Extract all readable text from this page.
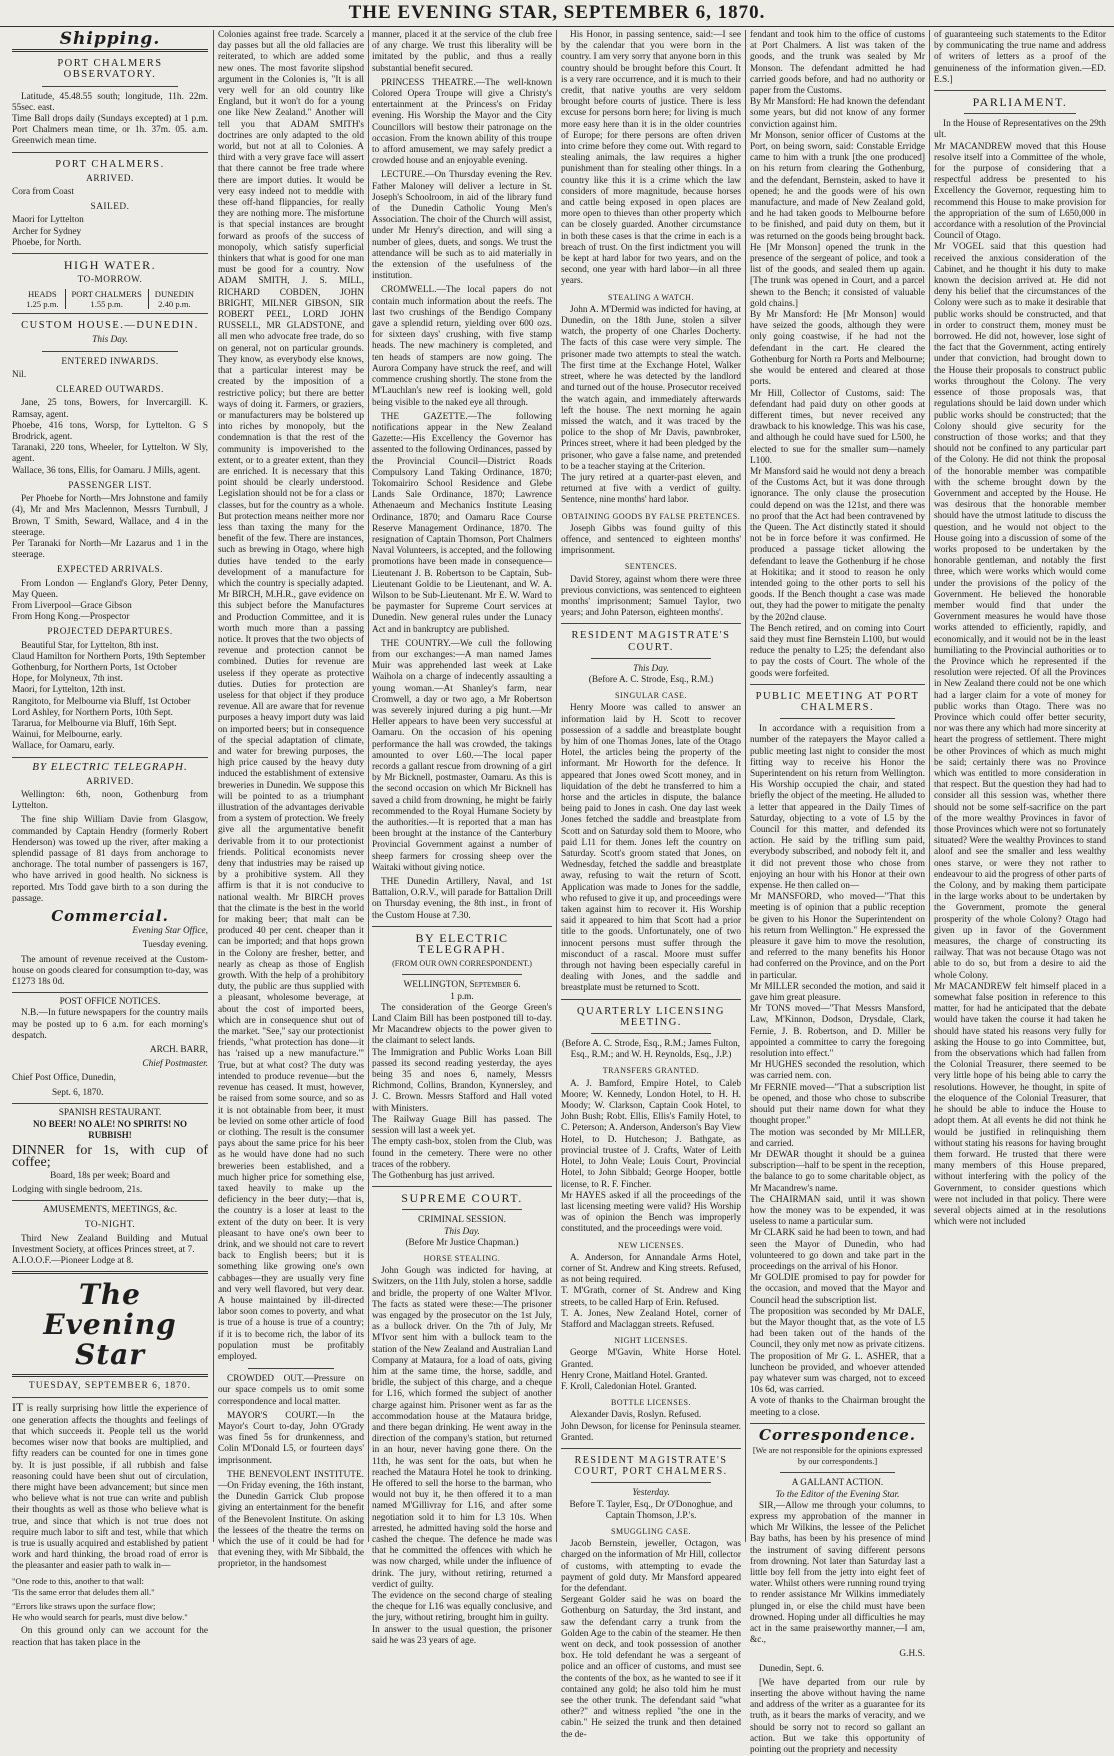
THE EVENING STAR, SEPTEMBER 6, 1870.
Shipping.
PORT CHALMERS OBSERVATORY.

Latitude, 45.48.55 south; longitude, 11h. 22m. 55sec. east.
Time Ball drops daily (Sundays excepted) at 1 p.m. Port Chalmers mean time, or 1h. 37m. 05. a.m. Greenwich mean time.

PORT CHALMERS.
ARRIVED.

Cora from Coast

SAILED.

Maori for Lyttelton
Archer for Sydney
Phoebe, for North.

HIGH WATER.
TO-MORROW.
HEADS
1.25 p.m.
PORT CHALMERS
1.55 p.m.
DUNEDIN
2.40 p.m.
CUSTOM HOUSE.—DUNEDIN.
This Day.
ENTERED INWARDS.

Nil.

CLEARED OUTWARDS.

Jane, 25 tons, Bowers, for Invercargill. K. Ramsay, agent.
Phoebe, 416 tons, Worsp, for Lyttelton. G S Brodrick, agent.
Taranaki, 220 tons, Wheeler, for Lyttelton. W Sly, agent.
Wallace, 36 tons, Ellis, for Oamaru. J Mills, agent.

PASSENGER LIST.

Per Phoebe for North—Mrs Johnstone and family (4), Mr and Mrs Maclennon, Messrs Turnbull, J Brown, T Smith, Seward, Wallace, and 4 in the steerage.
Per Taranaki for North—Mr Lazarus and 1 in the steerage.

EXPECTED ARRIVALS.

From London — England's Glory, Peter Denny, May Queen.
From Liverpool—Grace Gibson
From Hong Kong.—Prospector

PROJECTED DEPARTURES.

Beautiful Star, for Lyttelton, 8th inst.
Claud Hamilton for Northern Ports, 19th September
Gothenburg, for Northern Ports, 1st October
Hope, for Molyneux, 7th inst.
Maori, for Lyttelton, 12th inst.
Rangitoto, for Melbourne via Bluff, 1st October
Lord Ashley, for Northern Ports, 10th Sept.
Tararua, for Melbourne via Bluff, 16th Sept.
Wainui, for Melbourne, early.
Wallace, for Oamaru, early.

BY ELECTRIC TELEGRAPH.
ARRIVED.

Wellington: 6th, noon, Gothenburg from Lyttelton.

The fine ship William Davie from Glasgow, commanded by Captain Hendry (formerly Robert Henderson) was towed up the river, after making a splendid passage of 81 days from anchorage to anchorage. The total number of passengers is 167, who have arrived in good health. No sickness is reported. Mrs Todd gave birth to a son during the passage.

Commercial.

Evening Star Office,

Tuesday evening.

The amount of revenue received at the Custom-house on goods cleared for consumption to-day, was £1273 18s 0d.

POST OFFICE NOTICES.

N.B.—In future newspapers for the country mails may be posted up to 6 a.m. for each morning's despatch.

ARCH. BARR,

Chief Postmaster.

Chief Post Office, Dunedin,

Sept. 6, 1870.

SPANISH RESTAURANT.
NO BEER! NO ALE! NO SPIRITS! NO RUBBISH!

DINNER for 1s, with cup of coffee;

Board, 18s per week; Board and

Lodging with single bedroom, 21s.

AMUSEMENTS, MEETINGS, &c.
TO-NIGHT.

Third New Zealand Building and Mutual Investment Society, at offices Princes street, at 7.
A.I.O.O.F.—Pioneer Lodge at 8.

The Evening Star
TUESDAY, SEPTEMBER 6, 1870.

IT is really surprising how little the experience of one generation affects the thoughts and feelings of that which succeeds it. People tell us the world becomes wiser now that books are multiplied, and fifty readers can be counted for one in times gone by. It is just possible, if all rubbish and false reasoning could have been shut out of circulation, there might have been advancement; but since men who believe what is not true can write and publish their thoughts as well as those who believe what is true, and since that which is not true does not require much labor to sift and test, while that which is true is usually acquired and established by patient work and hard thinking, the broad road of error is the pleasanter and easier path to walk in—

"One rode to this, another to that wall:
'Tis the same error that deludes them all."

"Errors like straws upon the surface flow;
He who would search for pearls, must dive below."

On this ground only can we account for the reaction that has taken place in the

Colonies against free trade. Scarcely a day passes but all the old fallacies are reiterated, to which are added some new ones. The most favorite slipshod argument in the Colonies is, "It is all very well for an old country like England, but it won't do for a young one like New Zealand." Another will tell you that ADAM SMITH's doctrines are only adapted to the old world, but not at all to Colonies. A third with a very grave face will assert that there cannot be free trade where there are import duties. It would be very easy indeed not to meddle with these off-hand flippancies, for really they are nothing more. The misfortune is that special instances are brought forward as proofs of the success of monopoly, which satisfy superficial thinkers that what is good for one man must be good for a country. Now ADAM SMITH, J. S. MILL, RICHARD COBDEN, JOHN BRIGHT, MILNER GIBSON, SIR ROBERT PEEL, LORD JOHN RUSSELL, MR GLADSTONE, and all men who advocate free trade, do so on general, not on particular grounds. They know, as everybody else knows, that a particular interest may be created by the imposition of a restrictive policy; but there are better ways of doing it. Farmers, or graziers, or manufacturers may be bolstered up into riches by monopoly, but the condemnation is that the rest of the community is impoverished to the extent, or to a greater extent, than they are enriched. It is necessary that this point should be clearly understood. Legislation should not be for a class or classes, but for the country as a whole. But protection means neither more nor less than taxing the many for the benefit of the few. There are instances, such as brewing in Otago, where high duties have tended to the early development of a manufacture for which the country is specially adapted. Mr BIRCH, M.H.R., gave evidence on this subject before the Manufactures and Production Committee, and it is worth much more than a passing notice. It proves that the two objects of revenue and protection cannot be combined. Duties for revenue are useless if they operate as protective duties. Duties for protection are useless for that object if they produce revenue. All are aware that for revenue purposes a heavy import duty was laid on imported beers; but in consequence of the special adaptation of climate, and water for brewing purposes, the high price caused by the heavy duty induced the establishment of extensive breweries in Dunedin. We suppose this will be pointed to as a triumphant illustration of the advantages derivable from a system of protection. We freely give all the argumentative benefit derivable from it to our protectionist friends. Political economists never deny that industries may be raised up by a prohibitive system. All they affirm is that it is not conducive to national wealth. Mr BIRCH proves that the climate is the best in the world for making beer; that malt can be produced 40 per cent. cheaper than it can be imported; and that hops grown in the Colony are fresher, better, and nearly as cheap as those of English growth. With the help of a prohibitory duty, the public are thus supplied with a pleasant, wholesome beverage, at about the cost of imported beers, which are in consequence shut out of the market. "See," say our protectionist friends, "what protection has done—it has 'raised up a new manufacture.'" True, but at what cost? The duty was intended to produce revenue—but the revenue has ceased. It must, however, be raised from some source, and so as it is not obtainable from beer, it must be levied on some other article of food or clothing. The result is the consumer pays about the same price for his beer as he would have done had no such breweries been established, and a much higher price for something else, taxed heavily to make up the deficiency in the beer duty;—that is, the country is a loser at least to the extent of the duty on beer. It is very pleasant to have one's own beer to drink, and we should not care to revert back to English beers; but it is something like growing one's own cabbages—they are usually very fine and very well flavored, but very dear. A house maintained by ill-directed labor soon comes to poverty, and what is true of a house is true of a country; if it is to become rich, the labor of its population must be profitably employed.

CROWDED OUT.—Pressure on our space compels us to omit some correspondence and local matter.

MAYOR'S COURT.—In the Mayor's Court to-day, John O'Grady was fined 5s for drunkenness, and Colin M'Donald L5, or fourteen days' imprisonment.

THE BENEVOLENT INSTITUTE.—On Friday evening, the 16th instant, the Dunedin Garrick Club propose giving an entertainment for the benefit of the Benevolent Institute. On asking the lessees of the theatre the terms on which the use of it could be had for that evening they, with Mr Sibbald, the proprietor, in the handsomest

manner, placed it at the service of the club free of any charge. We trust this liberality will be imitated by the public, and thus a really substantial benefit secured.

PRINCESS THEATRE.—The well-known Colored Opera Troupe will give a Christy's entertainment at the Princess's on Friday evening. His Worship the Mayor and the City Councillors will bestow their patronage on the occasion. From the known ability of this troupe to afford amusement, we may safely predict a crowded house and an enjoyable evening.

LECTURE.—On Thursday evening the Rev. Father Maloney will deliver a lecture in St. Joseph's Schoolroom, in aid of the library fund of the Dunedin Catholic Young Men's Association. The choir of the Church will assist, under Mr Henry's direction, and will sing a number of glees, duets, and songs. We trust the attendance will be such as to aid materially in the extension of the usefulness of the institution.

CROMWELL.—The local papers do not contain much information about the reefs. The last two crushings of the Bendigo Company gave a splendid return, yielding over 600 ozs. for sixteen days' crushing, with five stamp heads. The new machinery is completed, and ten heads of stampers are now going. The Aurora Company have struck the reef, and will commence crushing shortly. The stone from the M'Lauchlan's new reef is looking well, gold being visible to the naked eye all through.

THE GAZETTE.—The following notifications appear in the New Zealand Gazette:—His Excellency the Governor has assented to the following Ordinances, passed by the Provincial Council—District Roads Compulsory Land Taking Ordinance, 1870; Tokomairiro School Residence and Glebe Lands Sale Ordinance, 1870; Lawrence Athenaeum and Mechanics Institute Leasing Ordinance, 1870; and Oamaru Race Course Reserve Management Ordinance, 1870. The resignation of Captain Thomson, Port Chalmers Naval Volunteers, is accepted, and the following promotions have been made in consequence—Lieutenant J. B. Robertson to be Captain, Sub-Lieutenant Goldie to be Lieutenant, and W. A. Wilson to be Sub-Lieutenant. Mr E. W. Ward to be paymaster for Supreme Court services at Dunedin. New general rules under the Lunacy Act and in bankruptcy are published.

THE COUNTRY.—We cull the following from our exchanges:—A man named James Muir was apprehended last week at Lake Waihola on a charge of indecently assaulting a young woman.—At Shanley's farm, near Cromwell, a day or two ago, a Mr Robertson was severely injured during a pig hunt.—Mr Heller appears to have been very successful at Oamaru. On the occasion of his opening performance the hall was crowded, the takings amounted to over L60.—The local paper records a gallant rescue from drowning of a girl by Mr Bicknell, postmaster, Oamaru. As this is the second occasion on which Mr Bicknell has saved a child from drowning, he might be fairly recommended to the Royal Humane Society by the authorities.—It is reported that a man has been brought at the instance of the Canterbury Provincial Government against a number of sheep farmers for crossing sheep over the Waitaki without giving notice.

THE Dunedin Artillery, Naval, and 1st Battalion, O.R.V., will parade for Battalion Drill on Thursday evening, the 8th inst., in front of the Custom House at 7.30.

BY ELECTRIC TELEGRAPH.
(FROM OUR OWN CORRESPONDENT.)
WELLINGTON, September 6.
1 p.m.

The consideration of the George Green's Land Claim Bill has been postponed till to-day. Mr Macandrew objects to the power given to the claimant to select lands.
The Immigration and Public Works Loan Bill passed its second reading yesterday, the ayes being 35 and noes 6, namely, Messrs Richmond, Collins, Brandon, Kynnersley, and J. C. Brown. Messrs Stafford and Hall voted with Ministers.
The Railway Guage Bill has passed. The session will last a week yet.
The empty cash-box, stolen from the Club, was found in the cemetery. There were no other traces of the robbery.
The Gothenburg has just arrived.

SUPREME COURT.
CRIMINAL SESSION.
This Day.
(Before Mr Justice Chapman.)
HORSE STEALING.

John Gough was indicted for having, at Switzers, on the 11th July, stolen a horse, saddle and bridle, the property of one Walter M'Ivor. The facts as stated were these:—The prisoner was engaged by the prosecutor on the 1st July, as a bullock driver. On the 7th of July, Mr M'Ivor sent him with a bullock team to the station of the New Zealand and Australian Land Company at Mataura, for a load of oats, giving him at the same time, the horse, saddle, and bridle, the subject of this charge, and a cheque for L16, which formed the subject of another charge against him. Prisoner went as far as the accommodation house at the Mataura bridge, and there began drinking. He went away in the direction of the company's station, but returned in an hour, never having gone there. On the 11th, he was sent for the oats, but when he reached the Mataura Hotel he took to drinking. He offered to sell the horse to the barman, who would not buy it, he then offered it to a man named M'Gillivray for L16, and after some negotiation sold it to him for L3 10s. When arrested, he admitted having sold the horse and cashed the cheque. The defence he made was that he committed the offences with which he was now charged, while under the influence of drink. The jury, without retiring, returned a verdict of guilty.
The evidence on the second charge of stealing the cheque for L16 was equally conclusive, and the jury, without retiring, brought him in guilty.
In answer to the usual question, the prisoner said he was 23 years of age.

His Honor, in passing sentence, said:—I see by the calendar that you were born in the country. I am very sorry that anyone born in this country should be brought before this Court. It is a very rare occurrence, and it is much to their credit, that native youths are very seldom brought before courts of justice. There is less excuse for persons born here; for living is much more easy here than it is in the older countries of Europe; for there persons are often driven into crime before they come out. With regard to stealing animals, the law requires a higher punishment than for stealing other things. In a country like this it is a crime which the law considers of more magnitude, because horses and cattle being exposed in open places are more open to thieves than other property which can be closely guarded. Another circumstance in both these cases is that the crime in each is a breach of trust. On the first indictment you will be kept at hard labor for two years, and on the second, one year with hard labor—in all three years.

STEALING A WATCH.

John A. M'Dermid was indicted for having, at Dunedin, on the 18th June, stolen a silver watch, the property of one Charles Docherty. The facts of this case were very simple. The prisoner made two attempts to steal the watch. The first time at the Exchange Hotel, Walker street, where he was detected by the landlord and turned out of the house. Prosecutor received the watch again, and immediately afterwards left the house. The next morning he again missed the watch, and it was traced by the police to the shop of Mr Davis, pawnbroker, Princes street, where it had been pledged by the prisoner, who gave a false name, and pretended to be a teacher staying at the Criterion.
The jury retired at a quarter-past eleven, and returned at five with a verdict of guilty. Sentence, nine months' hard labor.

OBTAINING GOODS BY FALSE PRETENCES.

Joseph Gibbs was found guilty of this offence, and sentenced to eighteen months' imprisonment.

SENTENCES.

David Storey, against whom there were three previous convictions, was sentenced to eighteen months' imprisonment; Samuel Taylor, two years; and John Paterson, eighteen months'.

RESIDENT MAGISTRATE'S COURT.
This Day.
(Before A. C. Strode, Esq., R.M.)
SINGULAR CASE.

Henry Moore was called to answer an information laid by H. Scott to recover possession of a saddle and breastplate bought by him of one Thomas Jones, late of the Otago Hotel, the articles being the property of the informant. Mr Howorth for the defence. It appeared that Jones owed Scott money, and in liquidation of the debt he transferred to him a horse and the articles in dispute, the balance being paid to Jones in cash. One day last week Jones fetched the saddle and breastplate from Scott and on Saturday sold them to Moore, who paid L11 for them. Jones left the country on Saturday. Scott's groom stated that Jones, on Wednesday, fetched the saddle and breastplate away, refusing to wait the return of Scott. Application was made to Jones for the saddle, who refused to give it up, and proceedings were taken against him to recover it. His Worship said it appeared to him that Scott had a prior title to the goods. Unfortunately, one of two innocent persons must suffer through the misconduct of a rascal. Moore must suffer through not having been especially careful in dealing with Jones, and the saddle and breastplate must be returned to Scott.

QUARTERLY LICENSING MEETING.

(Before A. C. Strode, Esq., R.M.; James Fulton, Esq., R.M.; and W. H. Reynolds, Esq., J.P.)

TRANSFERS GRANTED.

A. J. Bamford, Empire Hotel, to Caleb Moore; W. Kennedy, London Hotel, to H. H. Moody; W. Clarkson, Captain Cook Hotel, to John Bush; Robt. Ellis, Ellis's Family Hotel, to C. Peterson; A. Anderson, Anderson's Bay View Hotel, to D. Hutcheson; J. Bathgate, as provincial trustee of J. Crafts, Water of Leith Hotel, to John Veale; Louis Court, Provincial Hotel, to John Sibbald; George Hooper, bottle license, to R. F. Fincher.
Mr HAYES asked if all the proceedings of the last licensing meeting were valid? His Worship was of opinion the Bench was improperly constituted, and the proceedings were void.

NEW LICENSES.

A. Anderson, for Annandale Arms Hotel, corner of St. Andrew and King streets. Refused, as not being required.
T. M'Grath, corner of St. Andrew and King streets, to be called Harp of Erin. Refused.
T. A. Jones, New Zealand Hotel, corner of Stafford and Maclaggan streets. Refused.

NIGHT LICENSES.

George M'Gavin, White Horse Hotel. Granted.
Henry Crone, Maitland Hotel. Granted.
F. Kroll, Caledonian Hotel. Granted.

BOTTLE LICENSES.

Alexander Davis, Roslyn. Refused.
John Dewson, for license for Peninsula steamer. Granted.

RESIDENT MAGISTRATE'S COURT, PORT CHALMERS.
Yesterday.

Before T. Tayler, Esq., Dr O'Donoghue, and Captain Thomson, J.P.'s.

SMUGGLING CASE.

Jacob Bernstein, jeweller, Octagon, was charged on the information of Mr Hill, collector of customs, with attempting to evade the payment of gold duty. Mr Mansford appeared for the defendant.
Sergeant Golder said he was on board the Gothenburg on Saturday, the 3rd instant, and saw the defendant carry a trunk from the Golden Age to the cabin of the steamer. He then went on deck, and took possession of another box. He told defendant he was a sergeant of police and an officer of customs, and must see the contents of the box, as he wanted to see if it contained any gold; he also told him he must see the other trunk. The defendant said "what other?" and witness replied "the one in the cabin." He seized the trunk and then detained the de-

fendant and took him to the office of customs at Port Chalmers. A list was taken of the goods, and the trunk was sealed by Mr Monson. The defendant admitted he had carried goods before, and had no authority or paper from the Customs.
By Mr Mansford: He had known the defendant some years, but did not know of any former conviction against him.
Mr Monson, senior officer of Customs at the Port, on being sworn, said: Constable Erridge came to him with a trunk [the one produced] on his return from clearing the Gothenburg, and the defendant, Bernstein, asked to have it opened; he and the goods were of his own manufacture, and made of New Zealand gold, and he had taken goods to Melbourne before to be finished, and paid duty on them, but it was returned on the goods being brought back. He [Mr Monson] opened the trunk in the presence of the sergeant of police, and took a list of the goods, and sealed them up again. [The trunk was opened in Court, and a parcel shewn to the Bench; it consisted of valuable gold chains.]
By Mr Mansford: He [Mr Monson] would have seized the goods, although they were only going coastwise, if he had not the defendant in the cart. He cleared the Gothenburg for North ra Ports and Melbourne; she would be entered and cleared at those ports.
Mr Hill, Collector of Customs, said: The defendant had paid duty on other goods at different times, but never received any drawback to his knowledge. This was his case, and although he could have sued for L500, he elected to sue for the smaller sum—namely L100.
Mr Mansford said he would not deny a breach of the Customs Act, but it was done through ignorance. The only clause the prosecution could depend on was the 121st, and there was no proof that the Act had been contravened by the Queen. The Act distinctly stated it should not be in force before it was confirmed. He produced a passage ticket allowing the defendant to leave the Gothenburg if he chose at Hokitika; and it stood to reason he only intended going to the other ports to sell his goods. If the Bench thought a case was made out, they had the power to mitigate the penalty by the 202nd clause.
The Bench retired, and on coming into Court said they must fine Bernstein L100, but would reduce the penalty to L25; the defendant also to pay the costs of Court. The whole of the goods were forfeited.

PUBLIC MEETING AT PORT CHALMERS.

In accordance with a requisition from a number of the ratepayers the Mayor called a public meeting last night to consider the most fitting way to receive his Honor the Superintendent on his return from Wellington. His Worship occupied the chair, and stated briefly the object of the meeting. He alluded to a letter that appeared in the Daily Times of Saturday, objecting to a vote of L5 by the Council for this matter, and defended its action. He said by the trifling sum paid, everybody subscribed, and nobody felt it, and it did not prevent those who chose from enjoying an hour with his Honor at their own expense. He then called on—
Mr MANSFORD, who moved—"That this meeting is of opinion that a public reception be given to his Honor the Superintendent on his return from Wellington." He expressed the pleasure it gave him to move the resolution, and referred to the many benefits his Honor had conferred on the Province, and on the Port in particular.
Mr MILLER seconded the motion, and said it gave him great pleasure.
Mr TONS moved—"That Messrs Mansford, Law, M'Kinnon, Dodson, Drysdale, Clark, Fernie, J. B. Robertson, and D. Miller be appointed a committee to carry the foregoing resolution into effect."
Mr HUGHES seconded the resolution, which was carried nem. con.
Mr FERNIE moved—"That a subscription list be opened, and those who chose to subscribe should put their name down for what they thought proper."
The motion was seconded by Mr MILLER, and carried.
Mr DEWAR thought it should be a guinea subscription—half to be spent in the reception, the balance to go to some charitable object, as Mr Macandrew's name.
The CHAIRMAN said, until it was shown how the money was to be expended, it was useless to name a particular sum.
Mr CLARK said he had been to town, and had seen the Mayor of Dunedin, who had volunteered to go down and take part in the proceedings on the arrival of his Honor.
Mr GOLDIE promised to pay for powder for the occasion, and moved that the Mayor and Council head the subscription list.
The proposition was seconded by Mr DALE, but the Mayor thought that, as the vote of L5 had been taken out of the hands of the Council, they only met now as private citizens.
The proposition of Mr G. L. ASHER, that a luncheon be provided, and whoever attended pay whatever sum was charged, not to exceed 10s 6d, was carried.
A vote of thanks to the Chairman brought the meeting to a close.

Correspondence.

[We are not responsible for the opinions expressed by our correspondents.]

A GALLANT ACTION.
To the Editor of the Evening Star.

SIR,—Allow me through your columns, to express my approbation of the manner in which Mr Wilkins, the lessee of the Pelichet Bay baths, has been by his presence of mind the instrument of saving different persons from drowning. Not later than Saturday last a little boy fell from the jetty into eight feet of water. Whilst others were running round trying to render assistance Mr Wilkins immediately plunged in, or else the child must have been drowned. Hoping under all difficulties he may act in the same praiseworthy manner,—I am, &c.,

G.H.S.

Dunedin, Sept. 6.

[We have departed from our rule by inserting the above without having the name and address of the writer as a guarantee for its truth, as it bears the marks of veracity, and we should be sorry not to record so gallant an action. But we take this opportunity of pointing out the propriety and necessity

of guaranteeing such statements to the Editor by communicating the true name and address of writers of letters as a proof of the genuineness of the information given.—ED. E.S.]

PARLIAMENT.

In the House of Representatives on the 29th ult.
Mr MACANDREW moved that this House resolve itself into a Committee of the whole, for the purpose of considering that a respectful address be presented to his Excellency the Governor, requesting him to recommend this House to make provision for the appropriation of the sum of L650,000 in accordance with a resolution of the Provincial Council of Otago.
Mr VOGEL said that this question had received the anxious consideration of the Cabinet, and he thought it his duty to make known the decision arrived at. He did not deny his belief that the circumstances of the Colony were such as to make it desirable that public works should be constructed, and that in order to construct them, money must be borrowed. He did not, however, lose sight of the fact that the Government, acting entirely under that conviction, had brought down to the House their proposals to construct public works throughout the Colony. The very essence of those proposals was, that regulations should be laid down under which public works should be constructed; that the Colony should give security for the construction of those works; and that they should not be confined to any particular part of the Colony. He did not think the proposal of the honorable member was compatible with the scheme brought down by the Government and accepted by the House. He was desirous that the honorable member should have the utmost latitude to discuss the question, and he would not object to the House going into a discussion of some of the works proposed to be undertaken by the honorable gentleman, and notably the first three, which were works which would come under the provisions of the policy of the Government. He believed the honorable member would find that under the Government measures he would have those works attended to efficiently, rapidly, and economically, and it would not be in the least humiliating to the Provincial authorities or to the Province which he represented if the resolution were rejected. Of all the Provinces in New Zealand there could not be one which had a larger claim for a vote of money for public works than Otago. There was no Province which could offer better security, nor was there any which had more sincerity at heart the progress of settlement. There might be other Provinces of which as much might be said; certainly there was no Province which was entitled to more consideration in that respect. But the question they had had to consider all this session was, whether there should not be some self-sacrifice on the part of the more wealthy Provinces in favor of those Provinces which were not so fortunately situated? Were the wealthy Provinces to stand aloof and see the smaller and less wealthy ones starve, or were they not rather to endeavour to aid the progress of other parts of the Colony, and by making them participate in the large works about to be undertaken by the Government, promote the general prosperity of the whole Colony? Otago had given up in favor of the Government measures, the charge of constructing its railway. That was not because Otago was not able to do so, but from a desire to aid the whole Colony.
Mr MACANDREW felt himself placed in a somewhat false position in reference to this matter, for had he anticipated that the debate would have taken the course it had taken he should have stated his reasons very fully for asking the House to go into Committee, but, from the observations which had fallen from the Colonial Treasurer, there seemed to be very little hope of his being able to carry the resolutions. However, he thought, in spite of the eloquence of the Colonial Treasurer, that he should be able to induce the House to adopt them. At all events he did not think he would be justified in relinquishing them without stating his reasons for having brought them forward. He trusted that there were many members of this House prepared, without interfering with the policy of the Government, to consider questions which were not included in that policy. There were several objects aimed at in the resolutions which were not included
